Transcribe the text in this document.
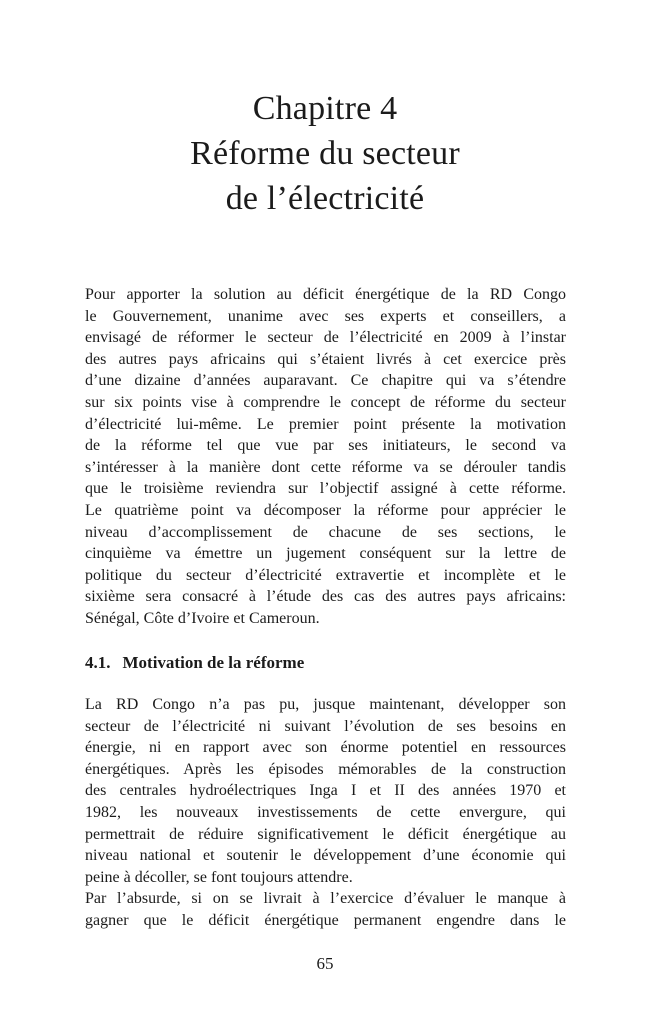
Chapitre 4
Réforme du secteur
de l’électricité
Pour apporter la solution au déficit énergétique de la RD Congo
le Gouvernement, unanime avec ses experts et conseillers, a
envisagé de réformer le secteur de l’électricité en 2009 à l’instar
des autres pays africains qui s’étaient livrés à cet exercice près
d’une dizaine d’années auparavant. Ce chapitre qui va s’étendre
sur six points vise à comprendre le concept de réforme du secteur
d’électricité lui-même. Le premier point présente la motivation
de la réforme tel que vue par ses initiateurs, le second va
s’intéresser à la manière dont cette réforme va se dérouler tandis
que le troisième reviendra sur l’objectif assigné à cette réforme.
Le quatrième point va décomposer la réforme pour apprécier le
niveau d’accomplissement de chacune de ses sections, le
cinquième va émettre un jugement conséquent sur la lettre de
politique du secteur d’électricité extravertie et incomplète et le
sixième sera consacré à l’étude des cas des autres pays africains:
Sénégal, Côte d’Ivoire et Cameroun.
4.1. Motivation de la réforme
La RD Congo n’a pas pu, jusque maintenant, développer son
secteur de l’électricité ni suivant l’évolution de ses besoins en
énergie, ni en rapport avec son énorme potentiel en ressources
énergétiques. Après les épisodes mémorables de la construction
des centrales hydroélectriques Inga I et II des années 1970 et
1982, les nouveaux investissements de cette envergure, qui
permettrait de réduire significativement le déficit énergétique au
niveau national et soutenir le développement d’une économie qui
peine à décoller, se font toujours attendre.
Par l’absurde, si on se livrait à l’exercice d’évaluer le manque à
gagner que le déficit énergétique permanent engendre dans le
65
